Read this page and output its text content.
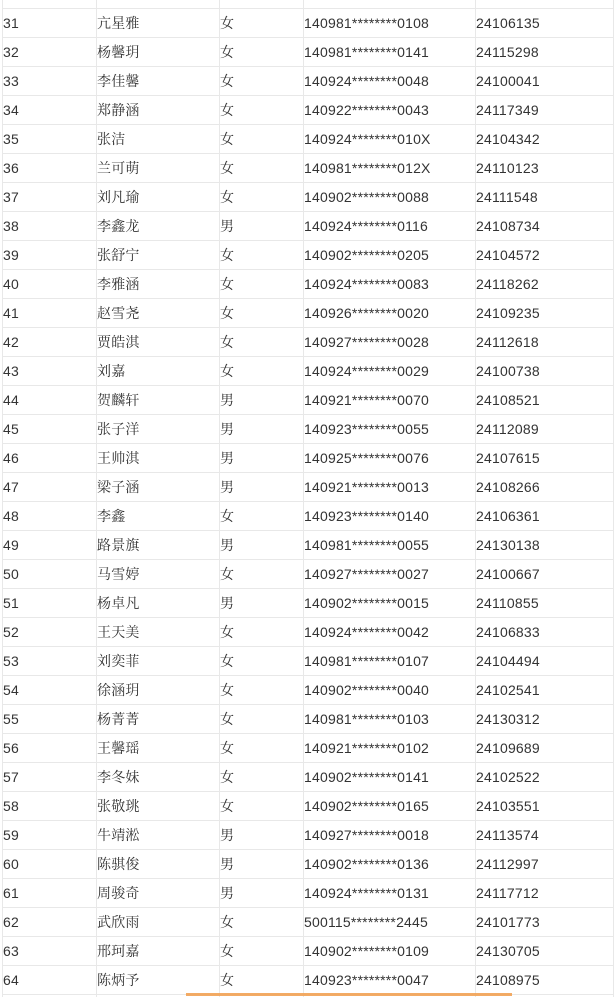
31	亢星雅	女	140981********0108	24106135
32	杨馨玥	女	140981********0141	24115298
33	李佳馨	女	140924********0048	24100041
34	郑静涵	女	140922********0043	24117349
35	张洁	女	140924********010X	24104342
36	兰可萌	女	140981********012X	24110123
37	刘凡瑜	女	140902********0088	24111548
38	李鑫龙	男	140924********0116	24108734
39	张舒宁	女	140902********0205	24104572
40	李雅涵	女	140924********0083	24118262
41	赵雪尧	女	140926********0020	24109235
42	贾皓淇	女	140927********0028	24112618
43	刘嘉	女	140924********0029	24100738
44	贺麟轩	男	140921********0070	24108521
45	张子洋	男	140923********0055	24112089
46	王帅淇	男	140925********0076	24107615
47	梁子涵	男	140921********0013	24108266
48	李鑫	女	140923********0140	24106361
49	路景旗	男	140981********0055	24130138
50	马雪婷	女	140927********0027	24100667
51	杨卓凡	男	140902********0015	24110855
52	王天美	女	140924********0042	24106833
53	刘奕菲	女	140981********0107	24104494
54	徐涵玥	女	140902********0040	24102541
55	杨菁菁	女	140981********0103	24130312
56	王馨瑶	女	140921********0102	24109689
57	李冬妹	女	140902********0141	24102522
58	张敬珧	女	140902********0165	24103551
59	牛靖淞	男	140927********0018	24113574
60	陈骐俊	男	140902********0136	24112997
61	周骏奇	男	140924********0131	24117712
62	武欣雨	女	500115********2445	24101773
63	邢珂嘉	女	140902********0109	24130705
64	陈炳予	女	140923********0047	24108975
